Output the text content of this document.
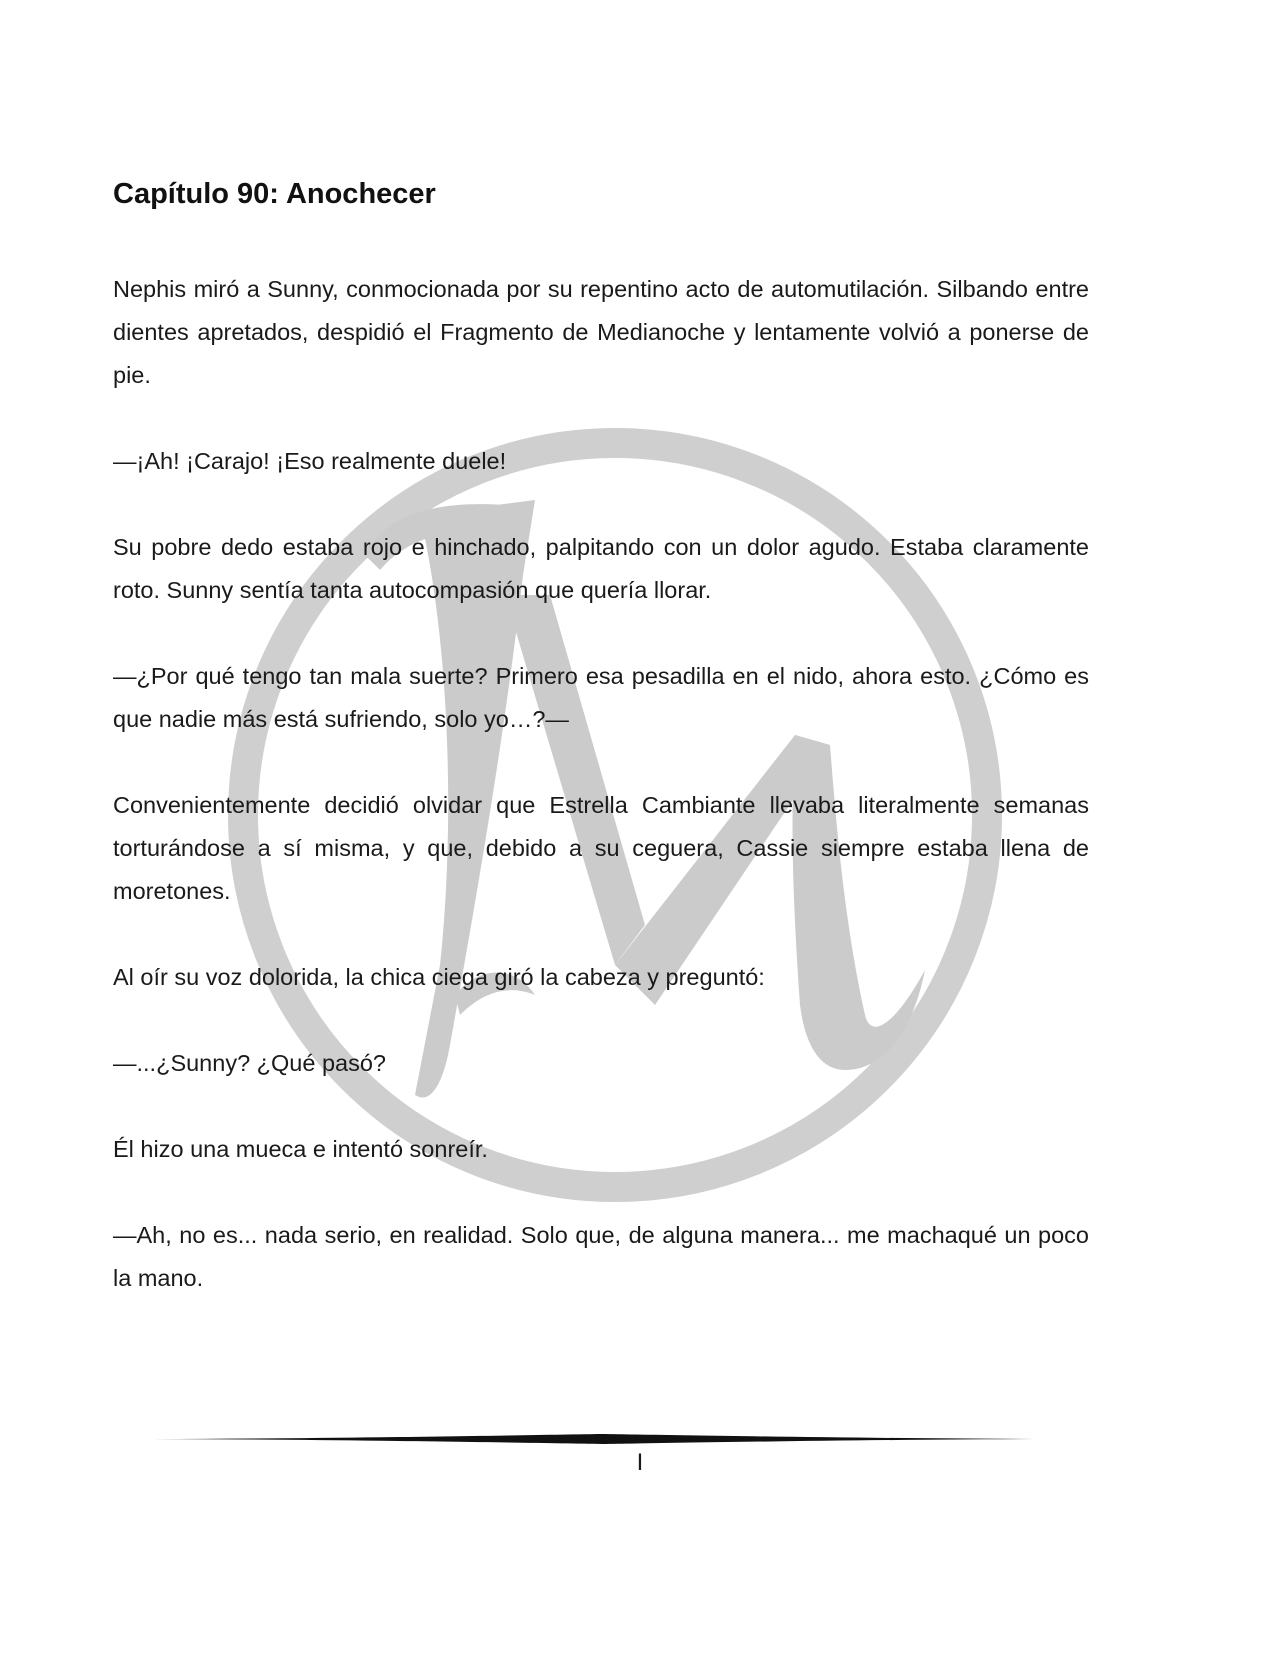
Capítulo 90: Anochecer

Nephis miró a Sunny, conmocionada por su repentino acto de automutilación. Silbando entre dientes apretados, despidió el Fragmento de Medianoche y lentamente volvió a ponerse de pie.

—¡Ah! ¡Carajo! ¡Eso realmente duele!

Su pobre dedo estaba rojo e hinchado, palpitando con un dolor agudo. Estaba claramente roto. Sunny sentía tanta autocompasión que quería llorar.

—¿Por qué tengo tan mala suerte? Primero esa pesadilla en el nido, ahora esto. ¿Cómo es que nadie más está sufriendo, solo yo…?—

Convenientemente decidió olvidar que Estrella Cambiante llevaba literalmente semanas torturándose a sí misma, y que, debido a su ceguera, Cassie siempre estaba llena de moretones.

Al oír su voz dolorida, la chica ciega giró la cabeza y preguntó:

—...¿Sunny? ¿Qué pasó?

Él hizo una mueca e intentó sonreír.

—Ah, no es... nada serio, en realidad. Solo que, de alguna manera... me machaqué un poco la mano.

I
